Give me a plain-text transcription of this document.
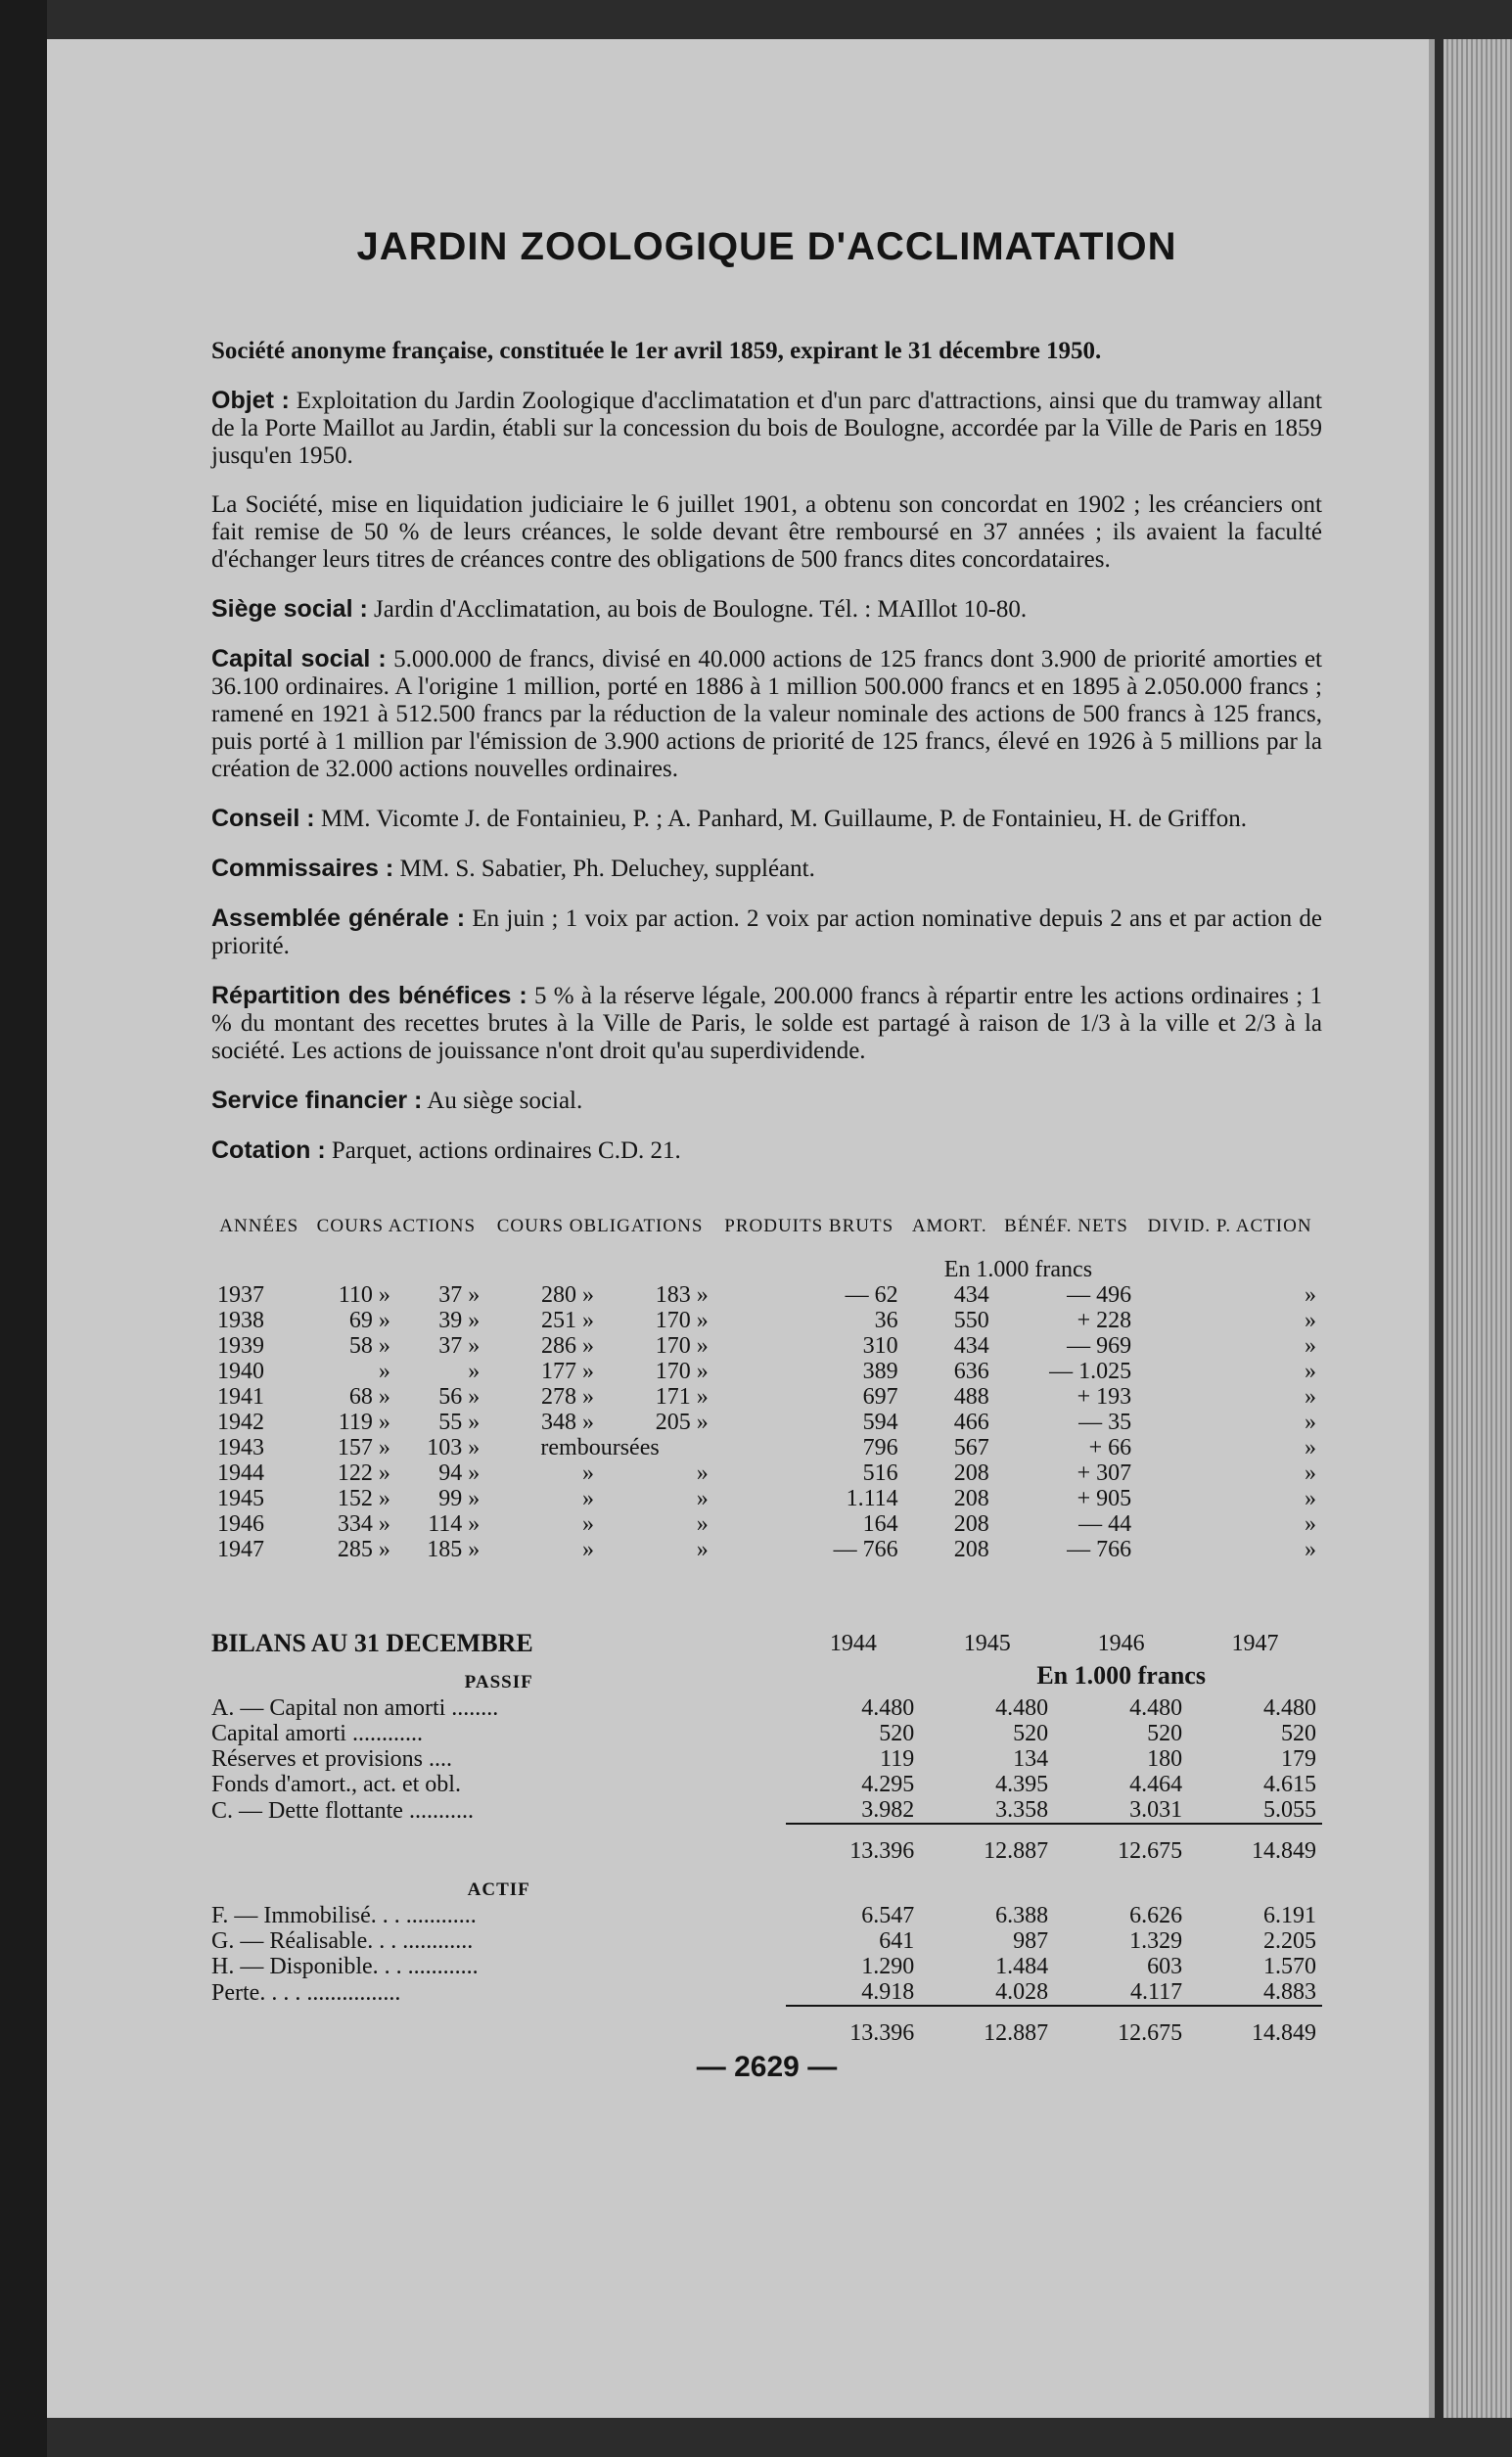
JARDIN ZOOLOGIQUE D'ACCLIMATATION

Société anonyme française, constituée le 1er avril 1859, expirant le 31 décembre 1950.

Objet : Exploitation du Jardin Zoologique d'acclimatation et d'un parc d'attractions, ainsi que du tramway allant de la Porte Maillot au Jardin, établi sur la concession du bois de Boulogne, accordée par la Ville de Paris en 1859 jusqu'en 1950.

La Société, mise en liquidation judiciaire le 6 juillet 1901, a obtenu son concordat en 1902 ; les créanciers ont fait remise de 50 % de leurs créances, le solde devant être remboursé en 37 années ; ils avaient la faculté d'échanger leurs titres de créances contre des obligations de 500 francs dites concordataires.

Siège social : Jardin d'Acclimatation, au bois de Boulogne. Tél. : MAIllot 10-80.

Capital social : 5.000.000 de francs, divisé en 40.000 actions de 125 francs dont 3.900 de priorité amorties et 36.100 ordinaires. A l'origine 1 million, porté en 1886 à 1 million 500.000 francs et en 1895 à 2.050.000 francs ; ramené en 1921 à 512.500 francs par la réduction de la valeur nominale des actions de 500 francs à 125 francs, puis porté à 1 million par l'émission de 3.900 actions de priorité de 125 francs, élevé en 1926 à 5 millions par la création de 32.000 actions nouvelles ordinaires.

Conseil : MM. Vicomte J. de Fontainieu, P. ; A. Panhard, M. Guillaume, P. de Fontainieu, H. de Griffon.

Commissaires : MM. S. Sabatier, Ph. Deluchey, suppléant.

Assemblée générale : En juin ; 1 voix par action. 2 voix par action nominative depuis 2 ans et par action de priorité.

Répartition des bénéfices : 5 % à la réserve légale, 200.000 francs à répartir entre les actions ordinaires ; 1 % du montant des recettes brutes à la Ville de Paris, le solde est partagé à raison de 1/3 à la ville et 2/3 à la société. Les actions de jouissance n'ont droit qu'au superdividende.

Service financier : Au siège social.

Cotation : Parquet, actions ordinaires C.D. 21.

ANNÉES	COURS ACTIONS		COURS OBLIGATIONS		PRODUITS BRUTS	AMORT.	BÉNÉF. NETS	DIVID. P. ACTION
					En 1.000 francs			
1937	110 »	37 »	280 »	183 »	— 62	434	— 496	»
1938	69 »	39 »	251 »	170 »	36	550	+ 228	»
1939	58 »	37 »	286 »	170 »	310	434	— 969	»
1940	»	»	177 »	170 »	389	636	— 1.025	»
1941	68 »	56 »	278 »	171 »	697	488	+ 193	»
1942	119 »	55 »	348 »	205 »	594	466	— 35	»
1943	157 »	103 »	remboursées		796	567	+ 66	»
1944	122 »	94 »	»	»	516	208	+ 307	»
1945	152 »	99 »	»	»	1.114	208	+ 905	»
1946	334 »	114 »	»	»	164	208	— 44	»
1947	285 »	185 »	»	»	— 766	208	— 766	»
BILANS AU 31 DECEMBRE	1944	1945	1946	1947
PASSIF		En 1.000 francs		
A. — Capital non amorti ........	4.480	4.480	4.480	4.480
Capital amorti ............	520	520	520	520
Réserves et provisions ....	119	134	180	179
Fonds d'amort., act. et obl.	4.295	4.395	4.464	4.615
C. — Dette flottante ...........	3.982	3.358	3.031	5.055
	13.396	12.887	12.675	14.849
ACTIF				
F. — Immobilisé. . . ............	6.547	6.388	6.626	6.191
G. — Réalisable. . . ............	641	987	1.329	2.205
H. — Disponible. . . ............	1.290	1.484	603	1.570
Perte. . . . ................	4.918	4.028	4.117	4.883
	13.396	12.887	12.675	14.849
— 2629 —
